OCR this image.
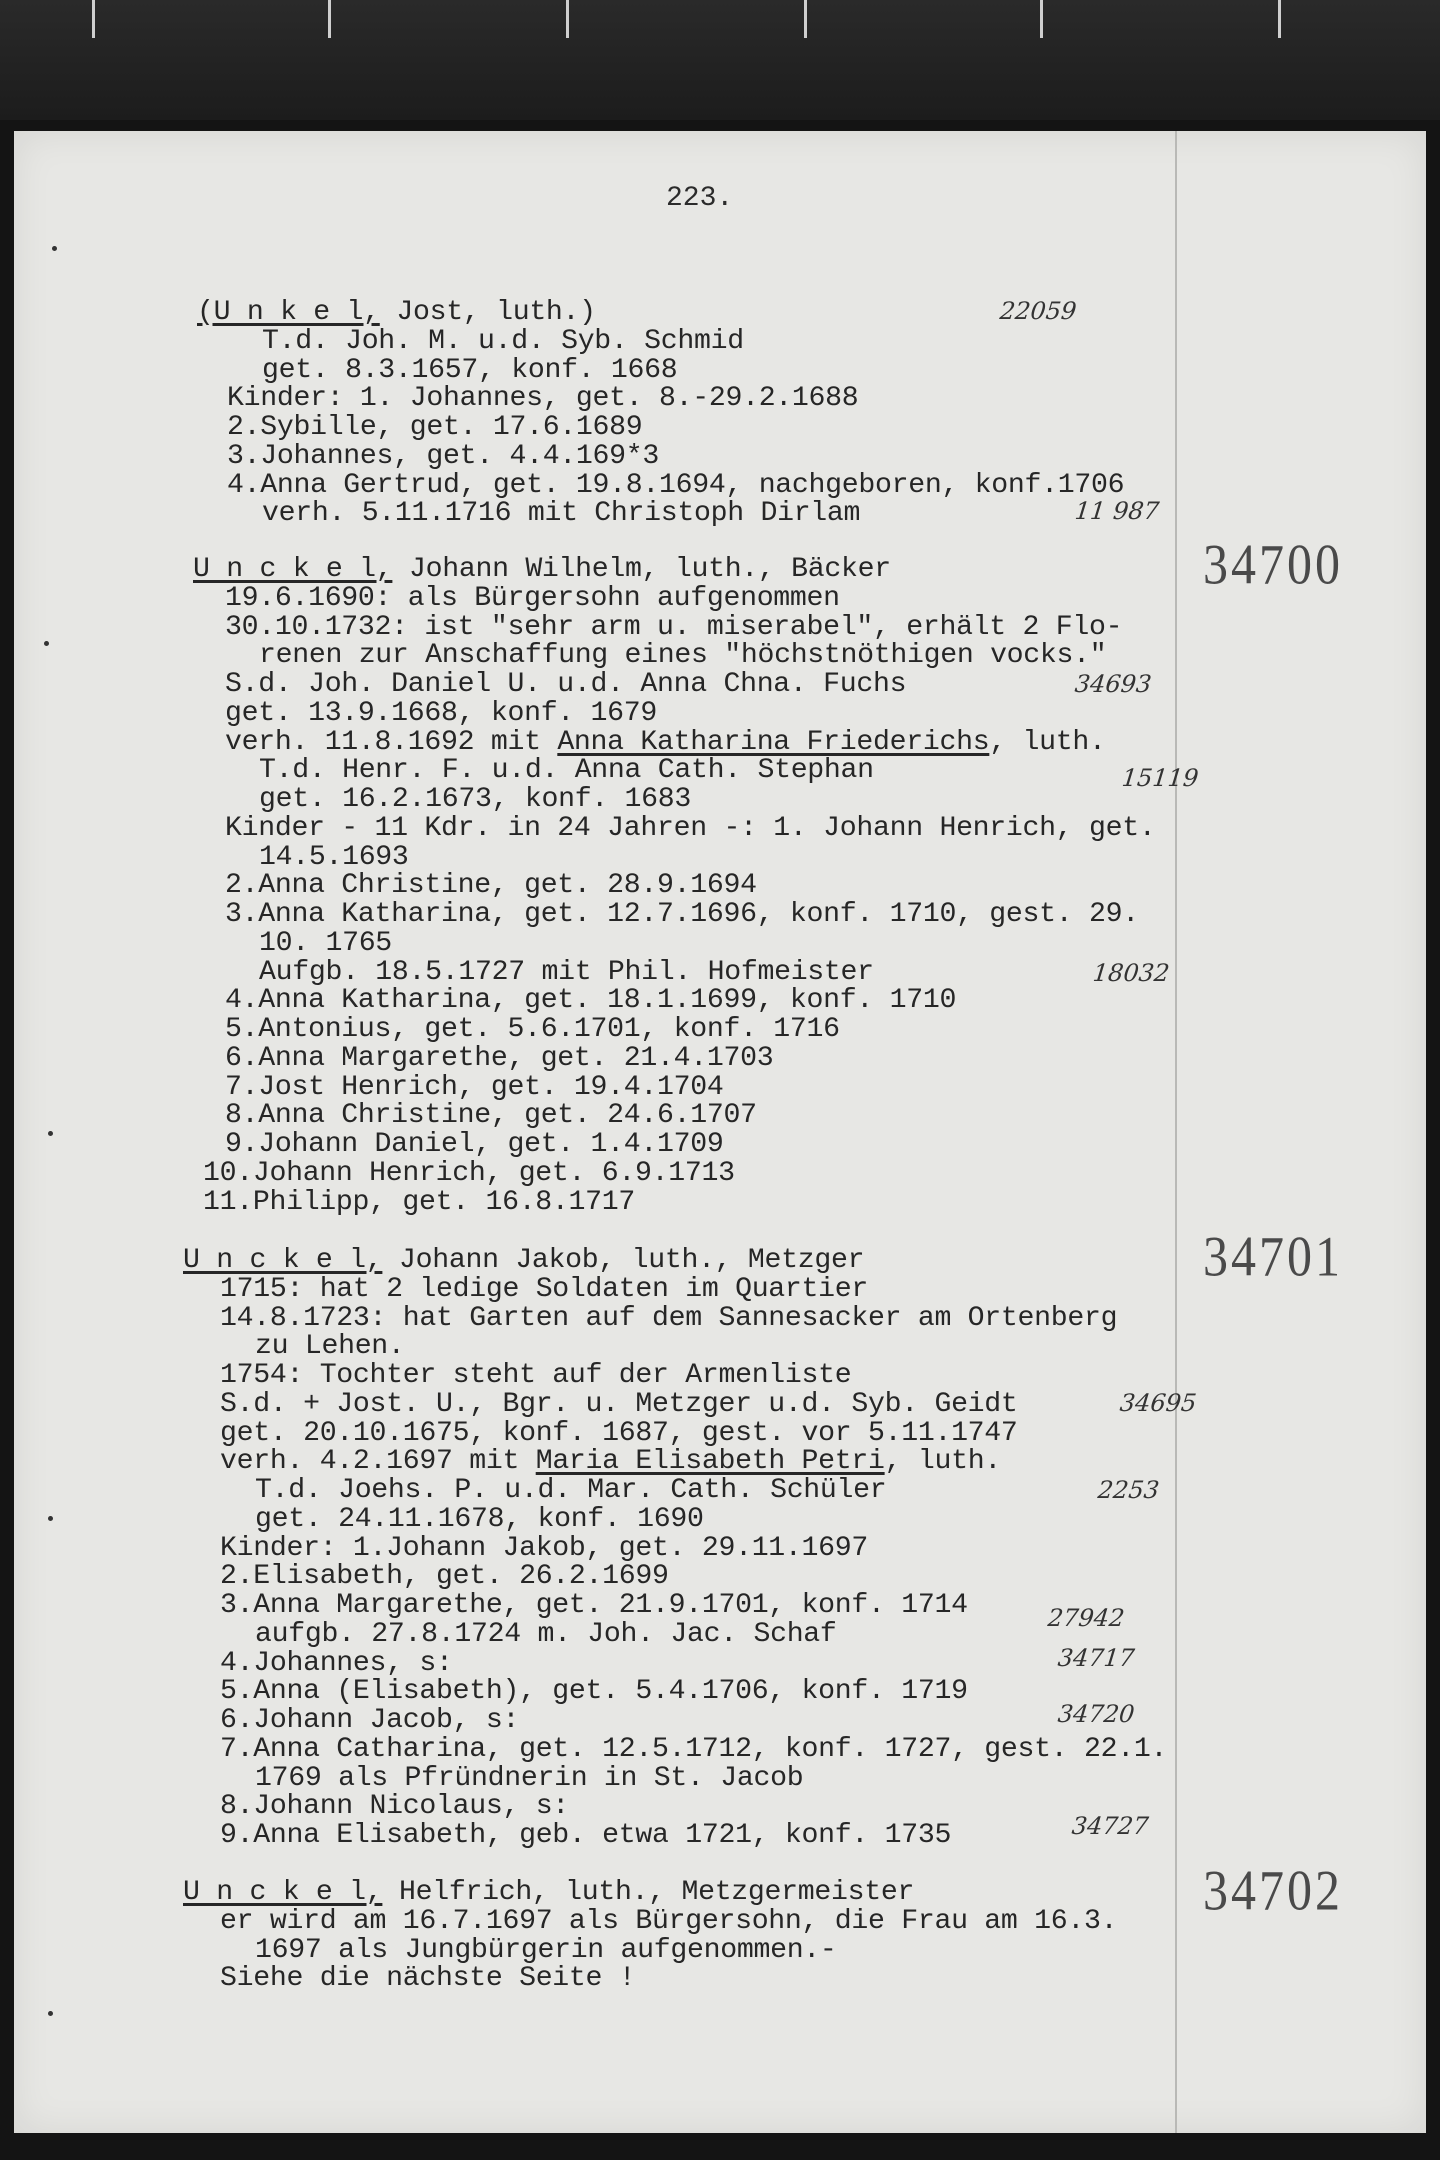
223.
(U n k e l, Jost, luth.)
T.d. Joh. M. u.d. Syb. Schmid
get. 8.3.1657, konf. 1668
Kinder: 1. Johannes, get. 8.-29.2.1688
2.Sybille, get. 17.6.1689
3.Johannes, get. 4.4.169*3
4.Anna Gertrud, get. 19.8.1694, nachgeboren, konf.1706
verh. 5.11.1716 mit Christoph Dirlam
U n c k e l, Johann Wilhelm, luth., Bäcker
19.6.1690: als Bürgersohn aufgenommen
30.10.1732: ist "sehr arm u. miserabel", erhält 2 Flo-
renen zur Anschaffung eines "höchstnöthigen vocks."
S.d. Joh. Daniel U. u.d. Anna Chna. Fuchs
get. 13.9.1668, konf. 1679
verh. 11.8.1692 mit Anna Katharina Friederichs, luth.
T.d. Henr. F. u.d. Anna Cath. Stephan
get. 16.2.1673, konf. 1683
Kinder - 11 Kdr. in 24 Jahren -: 1. Johann Henrich, get.
14.5.1693
2.Anna Christine, get. 28.9.1694
3.Anna Katharina, get. 12.7.1696, konf. 1710, gest. 29.
10. 1765
Aufgb. 18.5.1727 mit Phil. Hofmeister
4.Anna Katharina, get. 18.1.1699, konf. 1710
5.Antonius, get. 5.6.1701, konf. 1716
6.Anna Margarethe, get. 21.4.1703
7.Jost Henrich, get. 19.4.1704
8.Anna Christine, get. 24.6.1707
9.Johann Daniel, get. 1.4.1709
10.Johann Henrich, get. 6.9.1713
11.Philipp, get. 16.8.1717
U n c k e l, Johann Jakob, luth., Metzger
1715: hat 2 ledige Soldaten im Quartier
14.8.1723: hat Garten auf dem Sannesacker am Ortenberg
zu Lehen.
1754: Tochter steht auf der Armenliste
S.d. + Jost. U., Bgr. u. Metzger u.d. Syb. Geidt
get. 20.10.1675, konf. 1687, gest. vor 5.11.1747
verh. 4.2.1697 mit Maria Elisabeth Petri, luth.
T.d. Joehs. P. u.d. Mar. Cath. Schüler
get. 24.11.1678, konf. 1690
Kinder: 1.Johann Jakob, get. 29.11.1697
2.Elisabeth, get. 26.2.1699
3.Anna Margarethe, get. 21.9.1701, konf. 1714
aufgb. 27.8.1724 m. Joh. Jac. Schaf
4.Johannes, s:
5.Anna (Elisabeth), get. 5.4.1706, konf. 1719
6.Johann Jacob, s:
7.Anna Catharina, get. 12.5.1712, konf. 1727, gest. 22.1.
1769 als Pfründnerin in St. Jacob
8.Johann Nicolaus, s:
9.Anna Elisabeth, geb. etwa 1721, konf. 1735
U n c k e l, Helfrich, luth., Metzgermeister
er wird am 16.7.1697 als Bürgersohn, die Frau am 16.3.
1697 als Jungbürgerin aufgenommen.-
Siehe die nächste Seite !
22059
11 987
34693
15119
18032
34695
2253
27942
34717
34720
34727
34700
34701
34702
